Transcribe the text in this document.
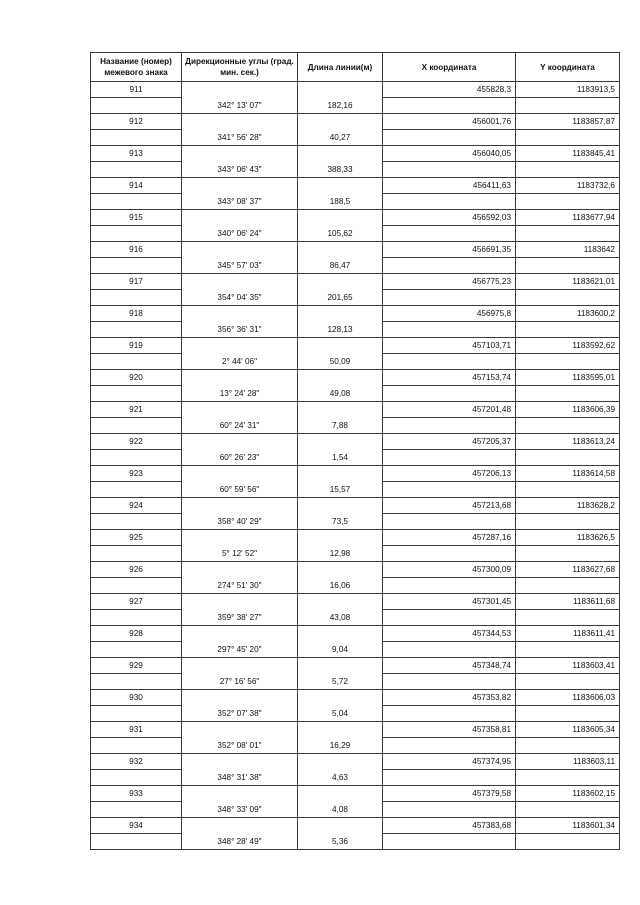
Название (номер) межевого знака	Дирекционные углы (град. мин. сек.)	Длина линии(м)	X координата	Y координата
911			455828,3	1183913,5
	342° 13' 07"	182,16		
912			456001,76	1183857,87
	341° 56' 28"	40,27		
913			456040,05	1183845,41
	343° 06' 43"	388,33		
914			456411,63	1183732,6
	343° 08' 37"	188,5		
915			456592,03	1183677,94
	340° 06' 24"	105,62		
916			456691,35	1183642
	345° 57' 03"	86,47		
917			456775,23	1183621,01
	354° 04' 35"	201,65		
918			456975,8	1183600,2
	356° 36' 31"	128,13		
919			457103,71	1183592,62
	2° 44' 06"	50,09		
920			457153,74	1183595,01
	13° 24' 28"	49,08		
921			457201,48	1183606,39
	60° 24' 31"	7,88		
922			457205,37	1183613,24
	60° 26' 23"	1,54		
923			457206,13	1183614,58
	60° 59' 56"	15,57		
924			457213,68	1183628,2
	358° 40' 29"	73,5		
925			457287,16	1183626,5
	5° 12' 52"	12,98		
926			457300,09	1183627,68
	274° 51' 30"	16,06		
927			457301,45	1183611,68
	359° 38' 27"	43,08		
928			457344,53	1183611,41
	297° 45' 20"	9,04		
929			457348,74	1183603,41
	27° 16' 56"	5,72		
930			457353,82	1183606,03
	352° 07' 38"	5,04		
931			457358,81	1183605,34
	352° 08' 01"	16,29		
932			457374,95	1183603,11
	348° 31' 38"	4,63		
933			457379,58	1183602,15
	348° 33' 09"	4,08		
934			457383,68	1183601,34
	348° 28' 49"	5,36		
